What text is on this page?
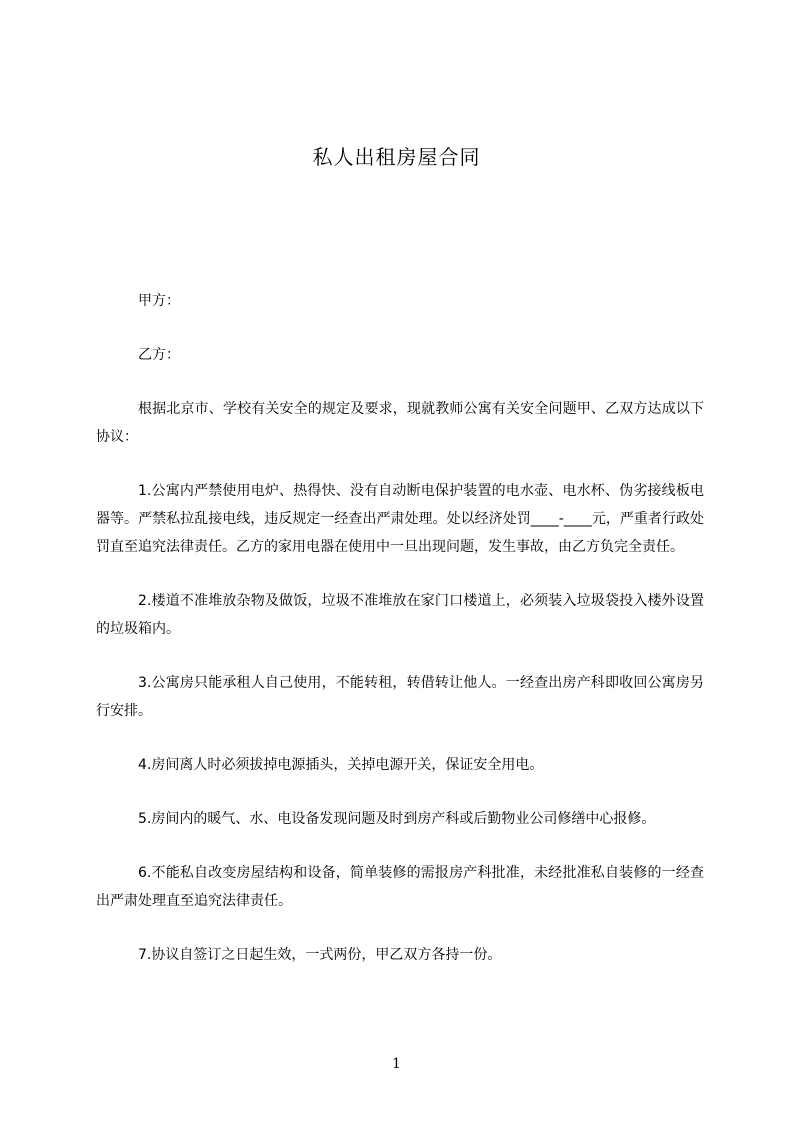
私人出租房屋合同

甲方：

乙方：

根据北京市、学校有关安全的规定及要求，现就教师公寓有关安全问题甲、乙双方达成以下协议：

1.公寓内严禁使用电炉、热得快、没有自动断电保护装置的电水壶、电水杯、伪劣接线板电器等。严禁私拉乱接电线，违反规定一经查出严肃处理。处以经济处罚____-____元，严重者行政处罚直至追究法律责任。乙方的家用电器在使用中一旦出现问题，发生事故，由乙方负完全责任。

2.楼道不准堆放杂物及做饭，垃圾不准堆放在家门口楼道上，必须装入垃圾袋投入楼外设置的垃圾箱内。

3.公寓房只能承租人自己使用，不能转租，转借转让他人。一经查出房产科即收回公寓房另行安排。

4.房间离人时必须拔掉电源插头，关掉电源开关，保证安全用电。

5.房间内的暖气、水、电设备发现问题及时到房产科或后勤物业公司修缮中心报修。

6.不能私自改变房屋结构和设备，简单装修的需报房产科批准，未经批准私自装修的一经查出严肃处理直至追究法律责任。

7.协议自签订之日起生效，一式两份，甲乙双方各持一份。

1
